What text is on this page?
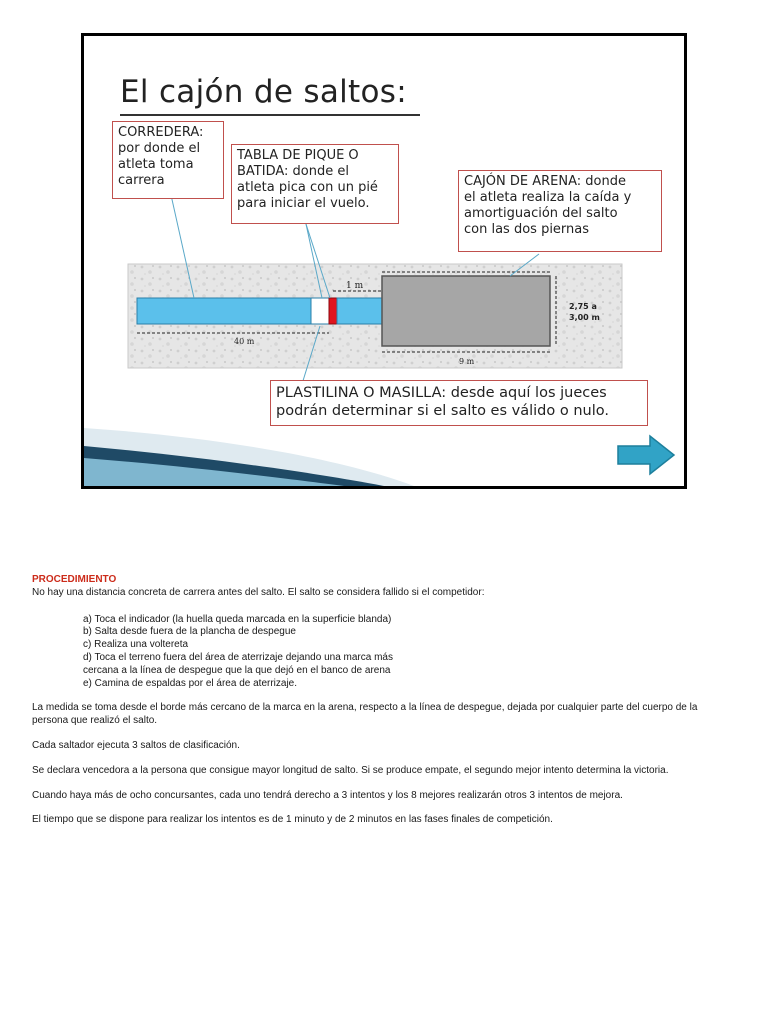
El cajón de saltos:
1 m
40 m
9 m
2,75 a
3,00 m
CORREDERA:
por donde el
atleta toma
carrera
TABLA DE PIQUE O
BATIDA: donde el
atleta pica con un pié
para iniciar el vuelo.
CAJÓN DE ARENA: donde
el atleta realiza la caída y
amortiguación del salto
con las dos piernas
PLASTILINA O MASILLA: desde aquí los jueces
podrán determinar si el salto es válido o nulo.
PROCEDIMIENTO
No hay una distancia concreta de carrera antes del salto. El salto se considera fallido si el competidor:
a) Toca el indicador (la huella queda marcada en la superficie blanda)
b) Salta desde fuera de la plancha de despegue
c) Realiza una voltereta
d) Toca el terreno fuera del área de aterrizaje dejando una marca más
cercana a la línea de despegue que la que dejó en el banco de arena
e) Camina de espaldas por el área de aterrizaje.

La medida se toma desde el borde más cercano de la marca en la arena, respecto a la línea de despegue, dejada por cualquier parte del cuerpo de la persona que realizó el salto.

Cada saltador ejecuta 3 saltos de clasificación.

Se declara vencedora a la persona que consigue mayor longitud de salto. Si se produce empate, el segundo mejor intento determina la victoria.

Cuando haya más de ocho concursantes, cada uno tendrá derecho a 3 intentos y los 8 mejores realizarán otros 3 intentos de mejora.

El tiempo que se dispone para realizar los intentos es de 1 minuto y de 2 minutos en las fases finales de competición.
